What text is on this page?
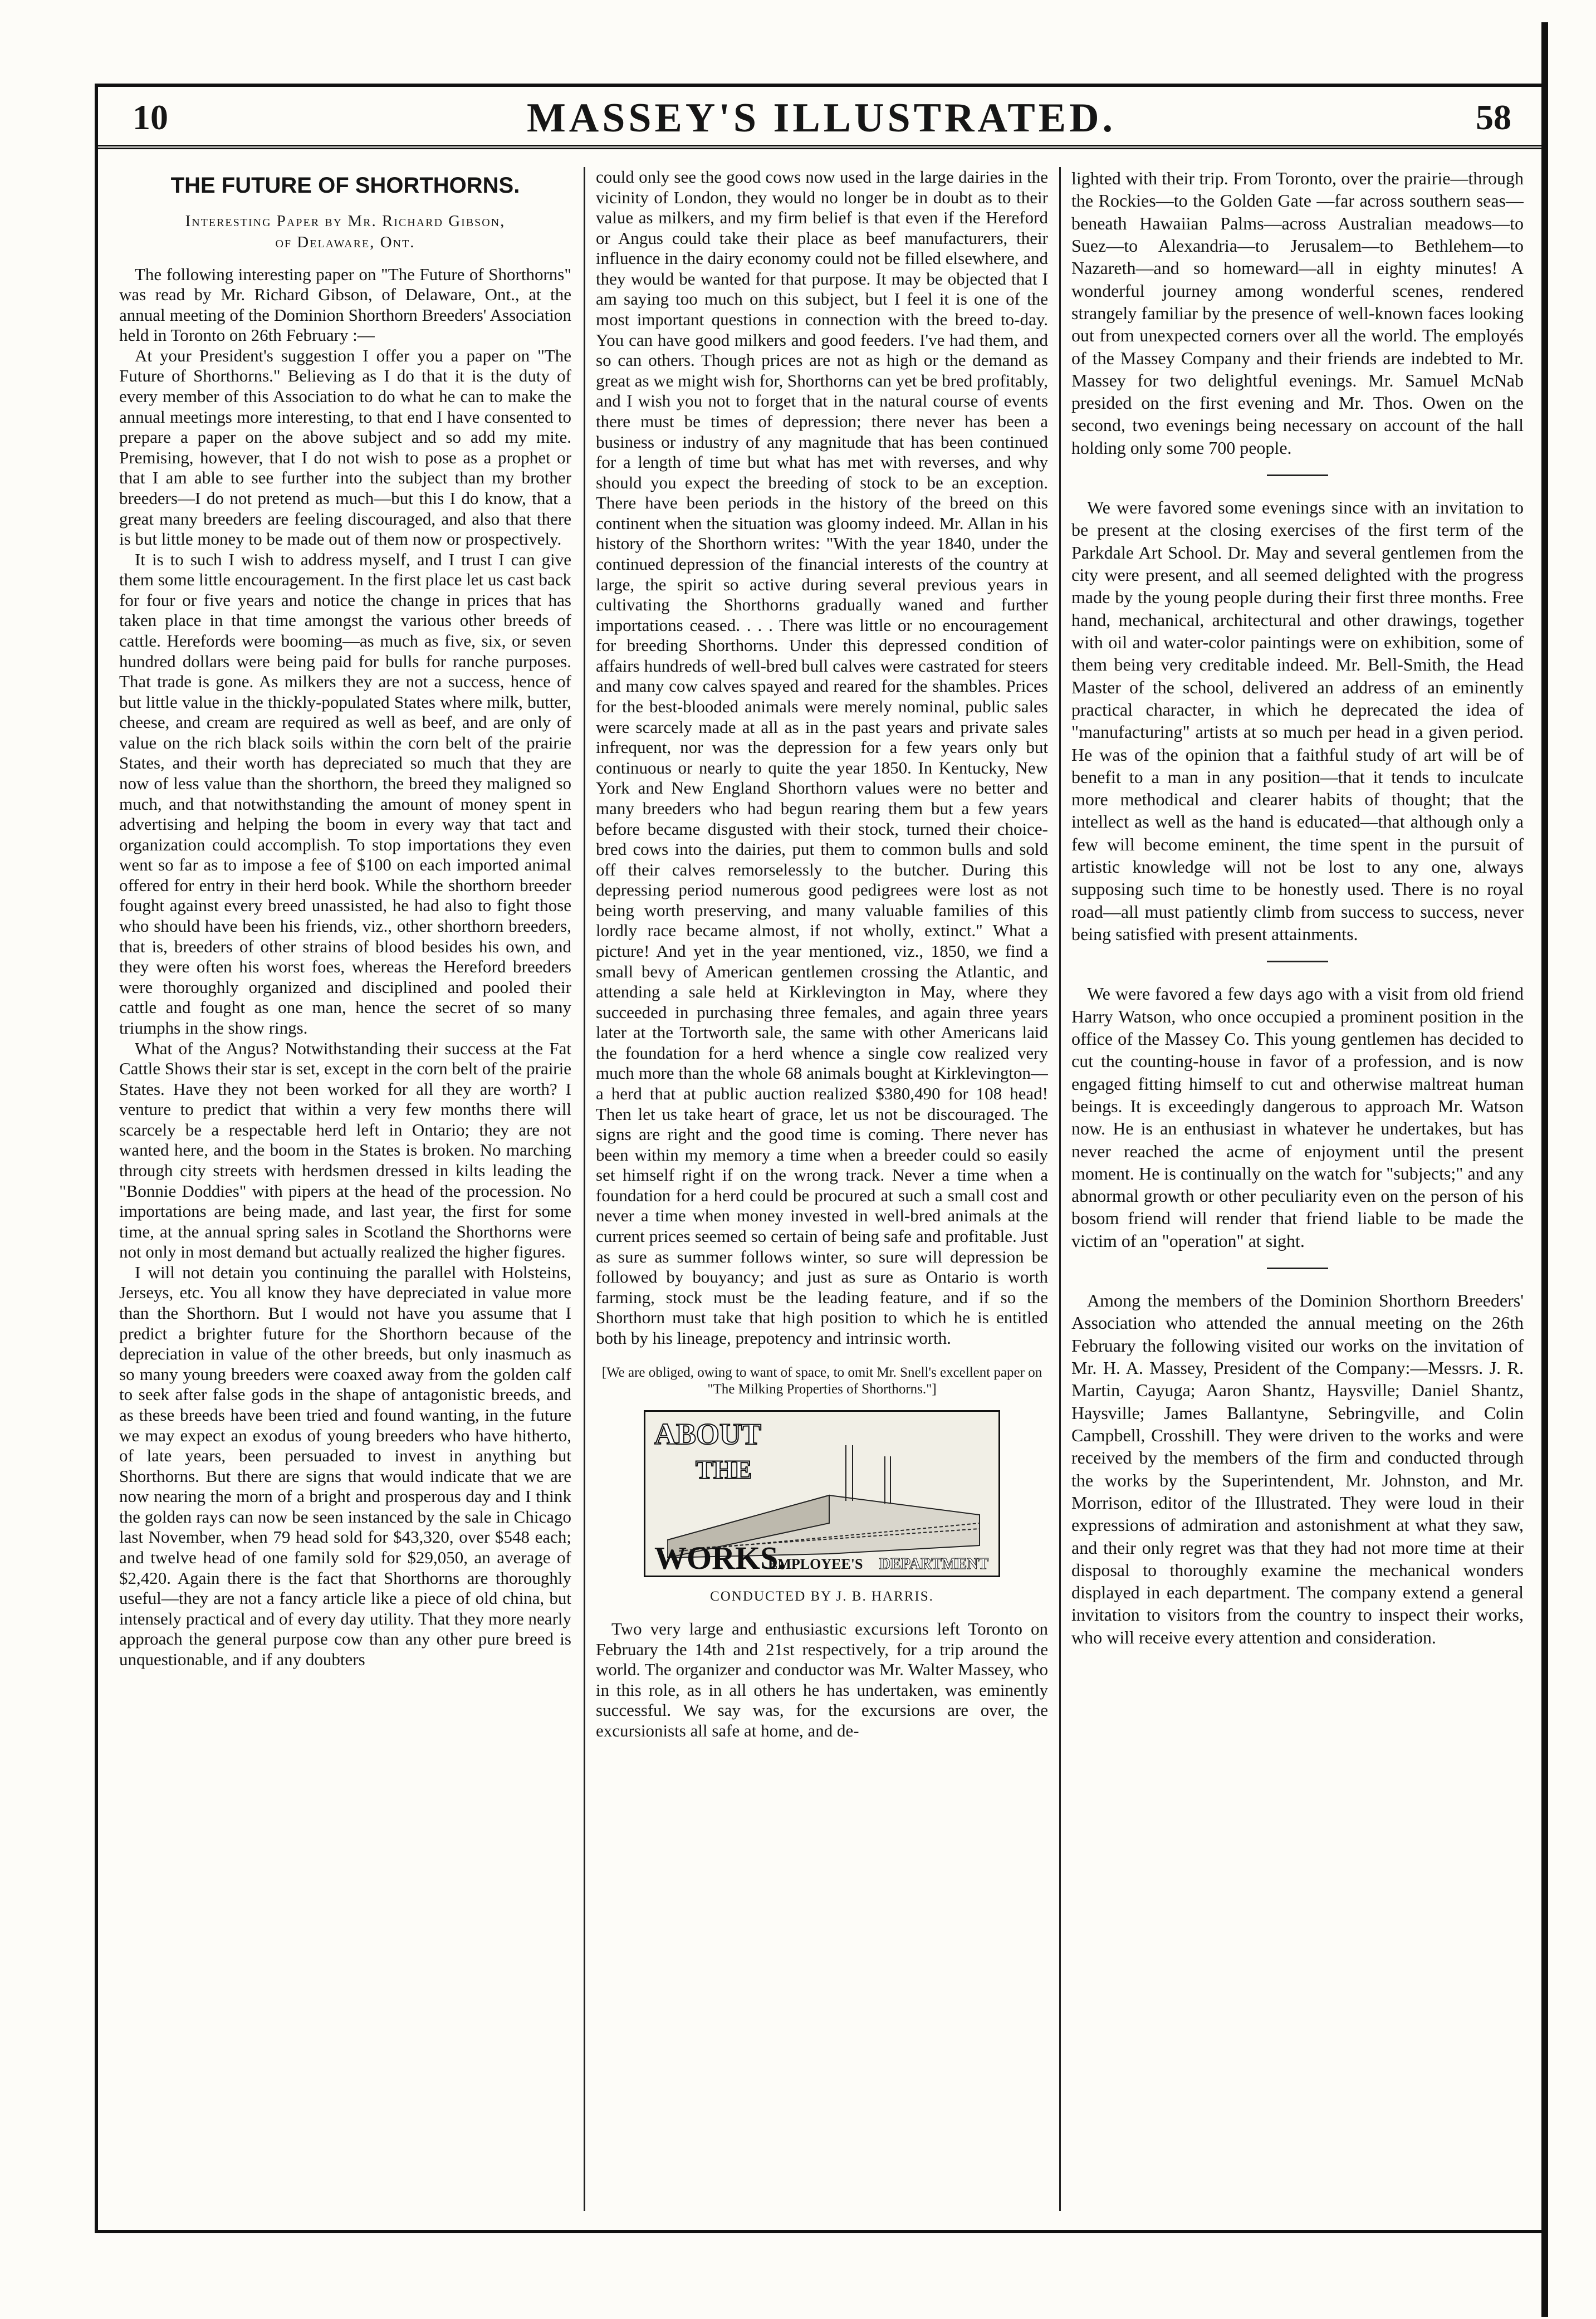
10	MASSEY'S ILLUSTRATED.	58
THE FUTURE OF SHORTHORNS.
Interesting Paper by Mr. Richard Gibson,
of Delaware, Ont.

The following interesting paper on "The Future of Shorthorns" was read by Mr. Richard Gibson, of Delaware, Ont., at the annual meeting of the Dominion Shorthorn Breeders' Association held in Toronto on 26th February :—

At your President's suggestion I offer you a paper on "The Future of Shorthorns." Believing as I do that it is the duty of every member of this Association to do what he can to make the annual meetings more interesting, to that end I have consented to prepare a paper on the above subject and so add my mite. Premising, however, that I do not wish to pose as a prophet or that I am able to see further into the subject than my brother breeders—I do not pretend as much—but this I do know, that a great many breeders are feeling discouraged, and also that there is but little money to be made out of them now or prospectively.

It is to such I wish to address myself, and I trust I can give them some little encouragement. In the first place let us cast back for four or five years and notice the change in prices that has taken place in that time amongst the various other breeds of cattle. Herefords were booming—as much as five, six, or seven hundred dollars were being paid for bulls for ranche purposes. That trade is gone. As milkers they are not a success, hence of but little value in the thickly-populated States where milk, butter, cheese, and cream are required as well as beef, and are only of value on the rich black soils within the corn belt of the prairie States, and their worth has depreciated so much that they are now of less value than the shorthorn, the breed they maligned so much, and that notwithstanding the amount of money spent in advertising and helping the boom in every way that tact and organization could accomplish. To stop importations they even went so far as to impose a fee of $100 on each imported animal offered for entry in their herd book. While the shorthorn breeder fought against every breed unassisted, he had also to fight those who should have been his friends, viz., other shorthorn breeders, that is, breeders of other strains of blood besides his own, and they were often his worst foes, whereas the Hereford breeders were thoroughly organized and disciplined and pooled their cattle and fought as one man, hence the secret of so many triumphs in the show rings.

What of the Angus? Notwithstanding their success at the Fat Cattle Shows their star is set, except in the corn belt of the prairie States. Have they not been worked for all they are worth? I venture to predict that within a very few months there will scarcely be a respectable herd left in Ontario; they are not wanted here, and the boom in the States is broken. No marching through city streets with herdsmen dressed in kilts leading the "Bonnie Doddies" with pipers at the head of the procession. No importations are being made, and last year, the first for some time, at the annual spring sales in Scotland the Shorthorns were not only in most demand but actually realized the higher figures.

I will not detain you continuing the parallel with Holsteins, Jerseys, etc. You all know they have depreciated in value more than the Shorthorn. But I would not have you assume that I predict a brighter future for the Shorthorn because of the depreciation in value of the other breeds, but only inasmuch as so many young breeders were coaxed away from the golden calf to seek after false gods in the shape of antagonistic breeds, and as these breeds have been tried and found wanting, in the future we may expect an exodus of young breeders who have hitherto, of late years, been persuaded to invest in anything but Shorthorns. But there are signs that would indicate that we are now nearing the morn of a bright and prosperous day and I think the golden rays can now be seen instanced by the sale in Chicago last November, when 79 head sold for $43,320, over $548 each; and twelve head of one family sold for $29,050, an average of $2,420. Again there is the fact that Shorthorns are thoroughly useful—they are not a fancy article like a piece of old china, but intensely practical and of every day utility. That they more nearly approach the general purpose cow than any other pure breed is unquestionable, and if any doubters

could only see the good cows now used in the large dairies in the vicinity of London, they would no longer be in doubt as to their value as milkers, and my firm belief is that even if the Hereford or Angus could take their place as beef manufacturers, their influence in the dairy economy could not be filled elsewhere, and they would be wanted for that purpose. It may be objected that I am saying too much on this subject, but I feel it is one of the most important questions in connection with the breed to-day. You can have good milkers and good feeders. I've had them, and so can others. Though prices are not as high or the demand as great as we might wish for, Shorthorns can yet be bred profitably, and I wish you not to forget that in the natural course of events there must be times of depression; there never has been a business or industry of any magnitude that has been continued for a length of time but what has met with reverses, and why should you expect the breeding of stock to be an exception. There have been periods in the history of the breed on this continent when the situation was gloomy indeed. Mr. Allan in his history of the Shorthorn writes: "With the year 1840, under the continued depression of the financial interests of the country at large, the spirit so active during several previous years in cultivating the Shorthorns gradually waned and further importations ceased. . . . There was little or no encouragement for breeding Shorthorns. Under this depressed condition of affairs hundreds of well-bred bull calves were castrated for steers and many cow calves spayed and reared for the shambles. Prices for the best-blooded animals were merely nominal, public sales were scarcely made at all as in the past years and private sales infrequent, nor was the depression for a few years only but continuous or nearly to quite the year 1850. In Kentucky, New York and New England Shorthorn values were no better and many breeders who had begun rearing them but a few years before became disgusted with their stock, turned their choice-bred cows into the dairies, put them to common bulls and sold off their calves remorselessly to the butcher. During this depressing period numerous good pedigrees were lost as not being worth preserving, and many valuable families of this lordly race became almost, if not wholly, extinct." What a picture! And yet in the year mentioned, viz., 1850, we find a small bevy of American gentlemen crossing the Atlantic, and attending a sale held at Kirklevington in May, where they succeeded in purchasing three females, and again three years later at the Tortworth sale, the same with other Americans laid the foundation for a herd whence a single cow realized very much more than the whole 68 animals bought at Kirklevington—a herd that at public auction realized $380,490 for 108 head! Then let us take heart of grace, let us not be discouraged. The signs are right and the good time is coming. There never has been within my memory a time when a breeder could so easily set himself right if on the wrong track. Never a time when a foundation for a herd could be procured at such a small cost and never a time when money invested in well-bred animals at the current prices seemed so certain of being safe and profitable. Just as sure as summer follows winter, so sure will depression be followed by bouyancy; and just as sure as Ontario is worth farming, stock must be the leading feature, and if so the Shorthorn must take that high position to which he is entitled both by his lineage, prepotency and intrinsic worth.

[We are obliged, owing to want of space, to omit Mr. Snell's excellent paper on "The Milking Properties of Shorthorns."]
ABOUT
THE
WORKS.
EMPLOYEE'S DEPARTMENT
CONDUCTED BY J. B. HARRIS.

Two very large and enthusiastic excursions left Toronto on February the 14th and 21st respectively, for a trip around the world. The organizer and conductor was Mr. Walter Massey, who in this role, as in all others he has undertaken, was eminently successful. We say was, for the excursions are over, the excursionists all safe at home, and de-

lighted with their trip. From Toronto, over the prairie—through the Rockies—to the Golden Gate —far across southern seas—beneath Hawaiian Palms—across Australian meadows—to Suez—to Alexandria—to Jerusalem—to Bethlehem—to Nazareth—and so homeward—all in eighty minutes! A wonderful journey among wonderful scenes, rendered strangely familiar by the presence of well-known faces looking out from unexpected corners over all the world. The employés of the Massey Company and their friends are indebted to Mr. Massey for two delightful evenings. Mr. Samuel McNab presided on the first evening and Mr. Thos. Owen on the second, two evenings being necessary on account of the hall holding only some 700 people.

We were favored some evenings since with an invitation to be present at the closing exercises of the first term of the Parkdale Art School. Dr. May and several gentlemen from the city were present, and all seemed delighted with the progress made by the young people during their first three months. Free hand, mechanical, architectural and other drawings, together with oil and water-color paintings were on exhibition, some of them being very creditable indeed. Mr. Bell-Smith, the Head Master of the school, delivered an address of an eminently practical character, in which he deprecated the idea of "manufacturing" artists at so much per head in a given period. He was of the opinion that a faithful study of art will be of benefit to a man in any position—that it tends to inculcate more methodical and clearer habits of thought; that the intellect as well as the hand is educated—that although only a few will become eminent, the time spent in the pursuit of artistic knowledge will not be lost to any one, always supposing such time to be honestly used. There is no royal road—all must patiently climb from success to success, never being satisfied with present attainments.

We were favored a few days ago with a visit from old friend Harry Watson, who once occupied a prominent position in the office of the Massey Co. This young gentlemen has decided to cut the counting-house in favor of a profession, and is now engaged fitting himself to cut and otherwise maltreat human beings. It is exceedingly dangerous to approach Mr. Watson now. He is an enthusiast in whatever he undertakes, but has never reached the acme of enjoyment until the present moment. He is continually on the watch for "subjects;" and any abnormal growth or other peculiarity even on the person of his bosom friend will render that friend liable to be made the victim of an "operation" at sight.

Among the members of the Dominion Shorthorn Breeders' Association who attended the annual meeting on the 26th February the following visited our works on the invitation of Mr. H. A. Massey, President of the Company:—Messrs. J. R. Martin, Cayuga; Aaron Shantz, Haysville; Daniel Shantz, Haysville; James Ballantyne, Sebringville, and Colin Campbell, Crosshill. They were driven to the works and were received by the members of the firm and conducted through the works by the Superintendent, Mr. Johnston, and Mr. Morrison, editor of the Illustrated. They were loud in their expressions of admiration and astonishment at what they saw, and their only regret was that they had not more time at their disposal to thoroughly examine the mechanical wonders displayed in each department. The company extend a general invitation to visitors from the country to inspect their works, who will receive every attention and consideration.
